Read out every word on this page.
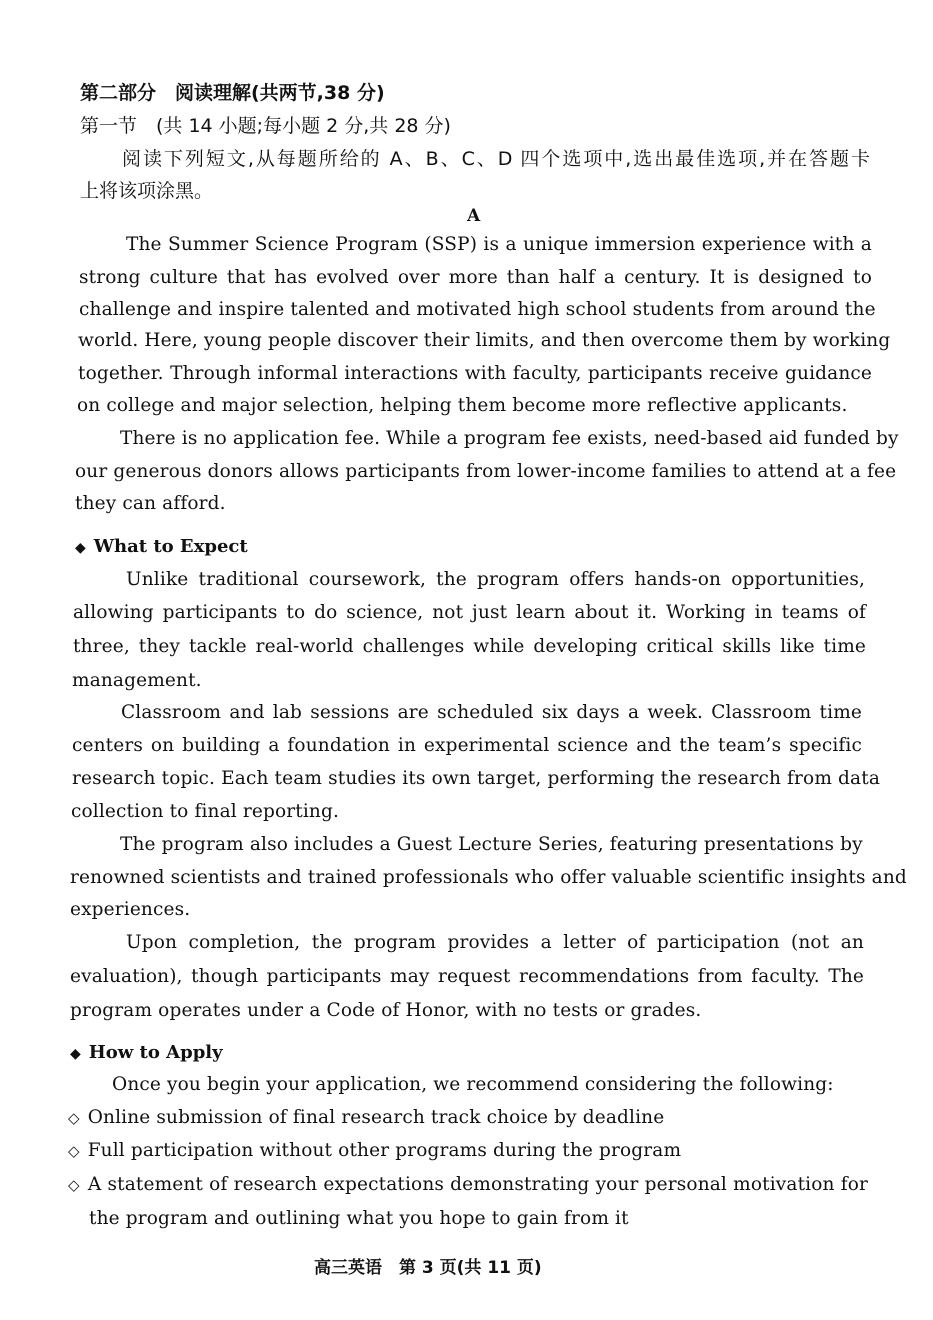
第二部分　阅读理解(共两节,38 分)
第一节　(共 14 小题;每小题 2 分,共 28 分)
阅读下列短文,从每题所给的 A、B、C、D 四个选项中,选出最佳选项,并在答题卡
上将该项涂黑。
A
The Summer Science Program (SSP) is a unique immersion experience with a
strong culture that has evolved over more than half a century. It is designed to
challenge and inspire talented and motivated high school students from around the
world. Here, young people discover their limits, and then overcome them by working
together. Through informal interactions with faculty, participants receive guidance
on college and major selection, helping them become more reflective applicants.
There is no application fee. While a program fee exists, need-based aid funded by
our generous donors allows participants from lower-income families to attend at a fee
they can afford.
◆ What to Expect
Unlike traditional coursework, the program offers hands-on opportunities,
allowing participants to do science, not just learn about it. Working in teams of
three, they tackle real-world challenges while developing critical skills like time
management.
Classroom and lab sessions are scheduled six days a week. Classroom time
centers on building a foundation in experimental science and the team’s specific
research topic. Each team studies its own target, performing the research from data
collection to final reporting.
The program also includes a Guest Lecture Series, featuring presentations by
renowned scientists and trained professionals who offer valuable scientific insights and
experiences.
Upon completion, the program provides a letter of participation (not an
evaluation), though participants may request recommendations from faculty. The
program operates under a Code of Honor, with no tests or grades.
◆ How to Apply
Once you begin your application, we recommend considering the following:
◇ Online submission of final research track choice by deadline
◇ Full participation without other programs during the program
◇ A statement of research expectations demonstrating your personal motivation for
the program and outlining what you hope to gain from it
高三英语　第 3 页(共 11 页)
